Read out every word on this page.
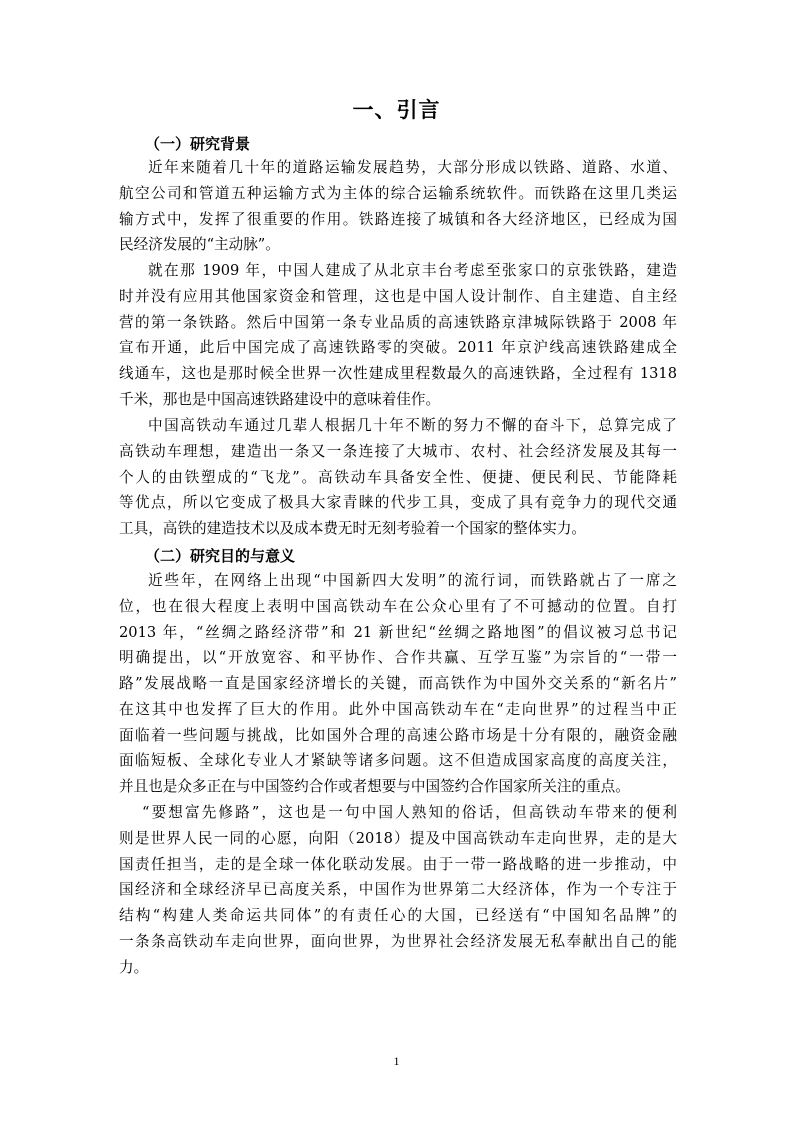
一、引言
（一）研究背景
近年来随着几十年的道路运输发展趋势，大部分形成以铁路、道路、水道、
航空公司和管道五种运输方式为主体的综合运输系统软件。而铁路在这里几类运
输方式中，发挥了很重要的作用。铁路连接了城镇和各大经济地区，已经成为国
民经济发展的“主动脉”。
就在那 1909 年，中国人建成了从北京丰台考虑至张家口的京张铁路，建造
时并没有应用其他国家资金和管理，这也是中国人设计制作、自主建造、自主经
营的第一条铁路。然后中国第一条专业品质的高速铁路京津城际铁路于 2008 年
宣布开通，此后中国完成了高速铁路零的突破。2011 年京沪线高速铁路建成全
线通车，这也是那时候全世界一次性建成里程数最久的高速铁路，全过程有 1318
千米，那也是中国高速铁路建设中的意味着佳作。
中国高铁动车通过几辈人根据几十年不断的努力不懈的奋斗下，总算完成了
高铁动车理想，建造出一条又一条连接了大城市、农村、社会经济发展及其每一
个人的由铁塑成的“飞龙”。高铁动车具备安全性、便捷、便民利民、节能降耗
等优点，所以它变成了极具大家青睐的代步工具，变成了具有竞争力的现代交通
工具，高铁的建造技术以及成本费无时无刻考验着一个国家的整体实力。
（二）研究目的与意义
近些年，在网络上出现“中国新四大发明”的流行词，而铁路就占了一席之
位，也在很大程度上表明中国高铁动车在公众心里有了不可撼动的位置。自打
2013 年，“丝绸之路经济带”和 21 新世纪“丝绸之路地图”的倡议被习总书记
明确提出，以“开放宽容、和平协作、合作共赢、互学互鉴”为宗旨的“一带一
路”发展战略一直是国家经济增长的关键，而高铁作为中国外交关系的“新名片”
在这其中也发挥了巨大的作用。此外中国高铁动车在“走向世界”的过程当中正
面临着一些问题与挑战，比如国外合理的高速公路市场是十分有限的，融资金融
面临短板、全球化专业人才紧缺等诸多问题。这不但造成国家高度的高度关注，
并且也是众多正在与中国签约合作或者想要与中国签约合作国家所关注的重点。
“要想富先修路”，这也是一句中国人熟知的俗话，但高铁动车带来的便利
则是世界人民一同的心愿，向阳（2018）提及中国高铁动车走向世界，走的是大
国责任担当，走的是全球一体化联动发展。由于一带一路战略的进一步推动，中
国经济和全球经济早已高度关系，中国作为世界第二大经济体，作为一个专注于
结构“构建人类命运共同体”的有责任心的大国，已经送有“中国知名品牌”的
一条条高铁动车走向世界，面向世界，为世界社会经济发展无私奉献出自己的能
力。
1
